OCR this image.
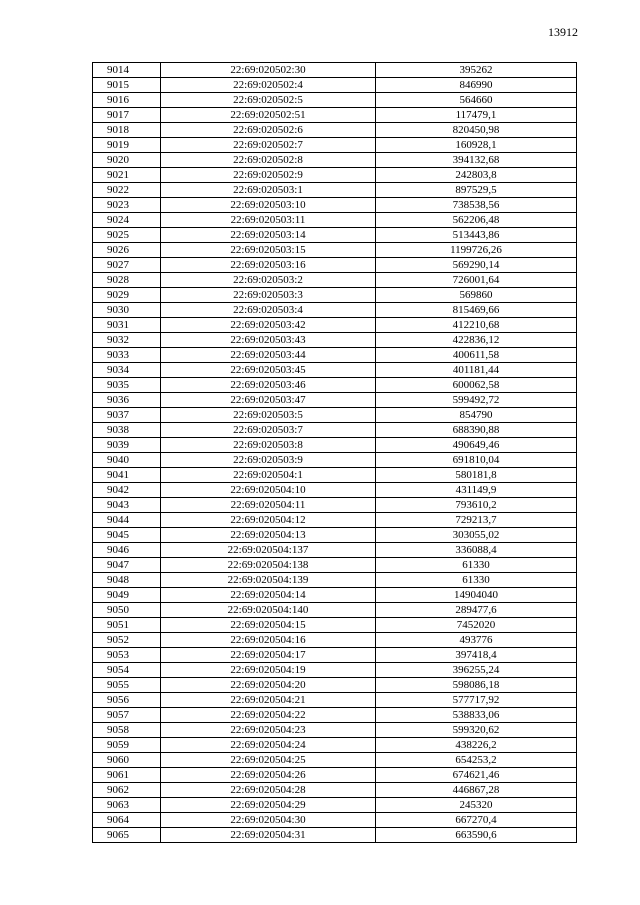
13912
9014	22:69:020502:30	395262
9015	22:69:020502:4	846990
9016	22:69:020502:5	564660
9017	22:69:020502:51	117479,1
9018	22:69:020502:6	820450,98
9019	22:69:020502:7	160928,1
9020	22:69:020502:8	394132,68
9021	22:69:020502:9	242803,8
9022	22:69:020503:1	897529,5
9023	22:69:020503:10	738538,56
9024	22:69:020503:11	562206,48
9025	22:69:020503:14	513443,86
9026	22:69:020503:15	1199726,26
9027	22:69:020503:16	569290,14
9028	22:69:020503:2	726001,64
9029	22:69:020503:3	569860
9030	22:69:020503:4	815469,66
9031	22:69:020503:42	412210,68
9032	22:69:020503:43	422836,12
9033	22:69:020503:44	400611,58
9034	22:69:020503:45	401181,44
9035	22:69:020503:46	600062,58
9036	22:69:020503:47	599492,72
9037	22:69:020503:5	854790
9038	22:69:020503:7	688390,88
9039	22:69:020503:8	490649,46
9040	22:69:020503:9	691810,04
9041	22:69:020504:1	580181,8
9042	22:69:020504:10	431149,9
9043	22:69:020504:11	793610,2
9044	22:69:020504:12	729213,7
9045	22:69:020504:13	303055,02
9046	22:69:020504:137	336088,4
9047	22:69:020504:138	61330
9048	22:69:020504:139	61330
9049	22:69:020504:14	14904040
9050	22:69:020504:140	289477,6
9051	22:69:020504:15	7452020
9052	22:69:020504:16	493776
9053	22:69:020504:17	397418,4
9054	22:69:020504:19	396255,24
9055	22:69:020504:20	598086,18
9056	22:69:020504:21	577717,92
9057	22:69:020504:22	538833,06
9058	22:69:020504:23	599320,62
9059	22:69:020504:24	438226,2
9060	22:69:020504:25	654253,2
9061	22:69:020504:26	674621,46
9062	22:69:020504:28	446867,28
9063	22:69:020504:29	245320
9064	22:69:020504:30	667270,4
9065	22:69:020504:31	663590,6
